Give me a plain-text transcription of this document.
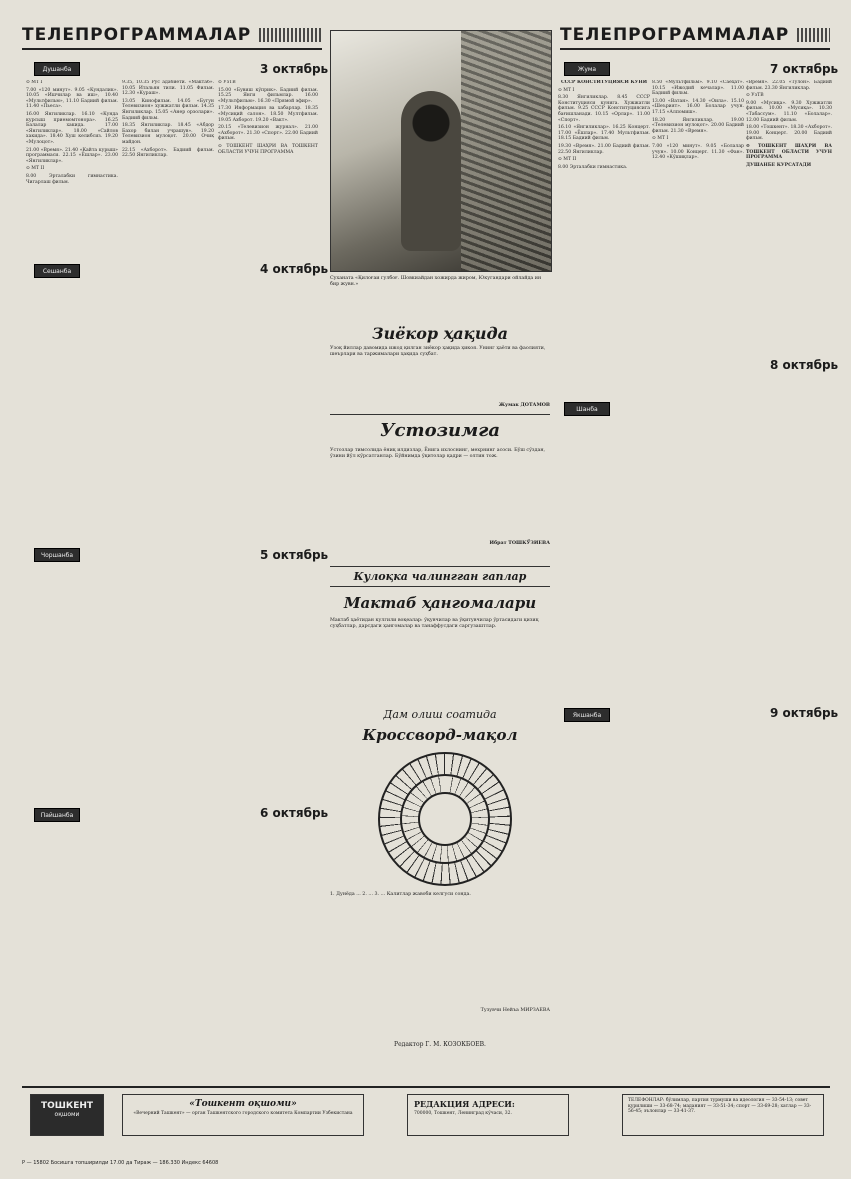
ТЕЛЕПРОГРАММАЛАР	ТЕЛЕПРОГРАММАЛАР
Душанба	3 октябрь
Сешанба	4 октябрь
Чоршанба	5 октябрь
Пайшанба	6 октябрь
Жума	7 октябрь
Шанба
8 октябрь
Якшанба	9 октябрь
⊙ МТ I
7.00 «120 минут». 9.05 «Кундалик». 10.05 «Ишчилар ва иш», 10.40 «Мультфильм», 11.10 Бадиий фильм. 11.40 «Пьеса».
16.00 Янгиликлар. 16.10 «Кунда курсыш приемомтонора». 16.25 Балалар хакида. 17.00 «Янгиликлар». 18.00 «Сайлов хакида». 18.40 Хуш келибсиз. 19.20 «Мулоцот».
21.00 «Время». 21.40 «Кайта курыш» программаси. 22.15 «Ёшлар». 23.00 «Янгиликлар».
⊙ МТ II
8.00 Эрталабки гимнастика. Чигарлаш фильм.
9.35, 10.35 Рус адабиёти. «Мактаб». 10.05 Итальян тили. 11.05 Фильм. 12.30 «Кураш».
13.05 Кинофильм. 14.05 «Бугун Телевизион» хужжатли фильм. 14.35 Янгиликлар. 15.05 «Анер орзолари». Бадиий фильм.
18.35 Янгиликлар. 18.45 «Абдор Бахор билан учрашув». 19.20 Телевизион мулоқот. 20.00 Очиқ майдон.
22.15 «Ахборот». Бадиий фильм. 22.50 Янгиликлар.
⊙ УзТВ
15.00 «Бувиш кўприк». Бадиий фильм. 15.25 Янги фильмлар. 16.00 «Мультфильм». 16.30 «Прямой эфир».
17.30 Информация ва хабарлар. 18.35 «Мусиқий салон». 18.50 Мултфильм. 19.05 Ахборот. 19.20 «Вакт».
20.15 «Телевизион журнал». 21.00 «Ахборот». 21.30 «Спорт». 22.00 Бадиий фильм.
⊙ ТОШКЕНТ ШАҲРИ ВА ТОШКЕНТ ОБЛАСТИ УЧУН ПРОГРАММА
СССР КОНСТИТУЦИЯСИ КУНИ
⊙ МТ I
8.30 Янгиликлар. 8.45 СССР Конституцияси кунига. Хужжатли фильм. 9.25 СССР Конституциясига бағишланади. 10.15 «Орлар». 11.00 «Спорт».
16.10 «Янгиликлар». 16.25 Концерт. 17.00 «Ёшлар». 17.40 Мультфильм. 18.15 Бадиий фильм.
19.30 «Время». 21.00 Бадиий фильм. 22.50 Янгиликлар.
⊙ МТ II
8.00 Эрталабки гимнастика.
8.50 «Мультфильм». 9.10 «Саёҳат». 10.15 «Ижодий кечалар». 11.00 Бадиий фильм.
13.00 «Ватан». 14.30 «Оила». 15.10 «Шеърият». 16.00 Болалар учун. 17.15 «Алпомиш».
18.20 Янгиликлар. 19.00 «Телевизион мулоқот». 20.00 Бадиий фильм. 21.30 «Время».
⊙ МТ I
7.00 «120 минут». 9.05 «Болалар учун». 10.00 Концерт. 11.30 «Фан». 12.40 «Кўшиқлар».
«Время». 22.05 «Тулон». Бадиий фильм. 23.30 Янгиликлар.
⊙ УзТВ
9.00 «Мусиқа». 9.30 Хужжатли фильм. 10.00 «Мусиқа». 10.30 «Табассум». 11.10 «Болалар». 12.00 Бадиий фильм.
18.00 «Тошкент». 18.30 «Ахборот». 19.00 Концерт. 20.00 Бадиий фильм.
⊙ ТОШКЕНТ ШАҲРИ ВА ТОШКЕНТ ОБЛАСТИ УЧУН ПРОГРАММА
ДУШАНБЕ КУРСАТАДИ
Суханата «Қилоғаи гулбоғ. Шовкиайдан хожирда жиром, Юкугандари ойлайда ин бир жувн.»
Зиёкор ҳақида
Узоқ йиллар давомида ижод қилган зиёкор ҳақида ҳикоя. Унинг ҳаёти ва фаолияти, шеърлари ва таржималари ҳақида суҳбат.
Жумак ДОТАМОВ
Устозимга
Устозлар тимсолида ёниқ илдизлар, Ёнига ихлоснинг, мехрнинг асоси. Бўш сўздан, ўзини йўл кўрсатганлар. Бўйнимда ўқитолар қадри — олтин тож.
Ибрат ТОШКЎЗИЕВА
Кулоқка чалингган гаплар
Мактаб ҳангомалари
Мактаб ҳаётидан кулгили воқеалар: ўқувчилар ва ўқитувчилар ўртасидаги қизиқ суҳбатлар, дарсдаги ҳангомалар ва танаффусдаги саргузаштлар.
Дам олиш соатида
Кроссворд-мақол
1. Дунёда ... 2. ... 3. ... Калитлар жавоби келгуси сонда.
Тузувчи Нейъа МИРЗАЕВА
Редактор Г. М. КОЗОКБОЕВ.
ТОШКЕНТ
оқшоми
«Тошкент оқшоми»
«Вечерний Ташкент» — орган Ташкентского городского комитета Компартии Узбекистана
РЕДАКЦИЯ АДРЕСИ:
700000, Тошкент, Ленинград кўчаси, 32.
ТЕЛЕФОНЛАР: бўлимлар, партия турмуши ва идеология — 33-54-13; совет қурилиши — 33-68-74; маданият — 33-51-34; спорт — 33-69-28; хатлар — 33-56-45; эълонлар — 33-41-37.
Р — 15802 Босишга топширилди 17.00 да Тираж — 186.330 Индекс 64608
